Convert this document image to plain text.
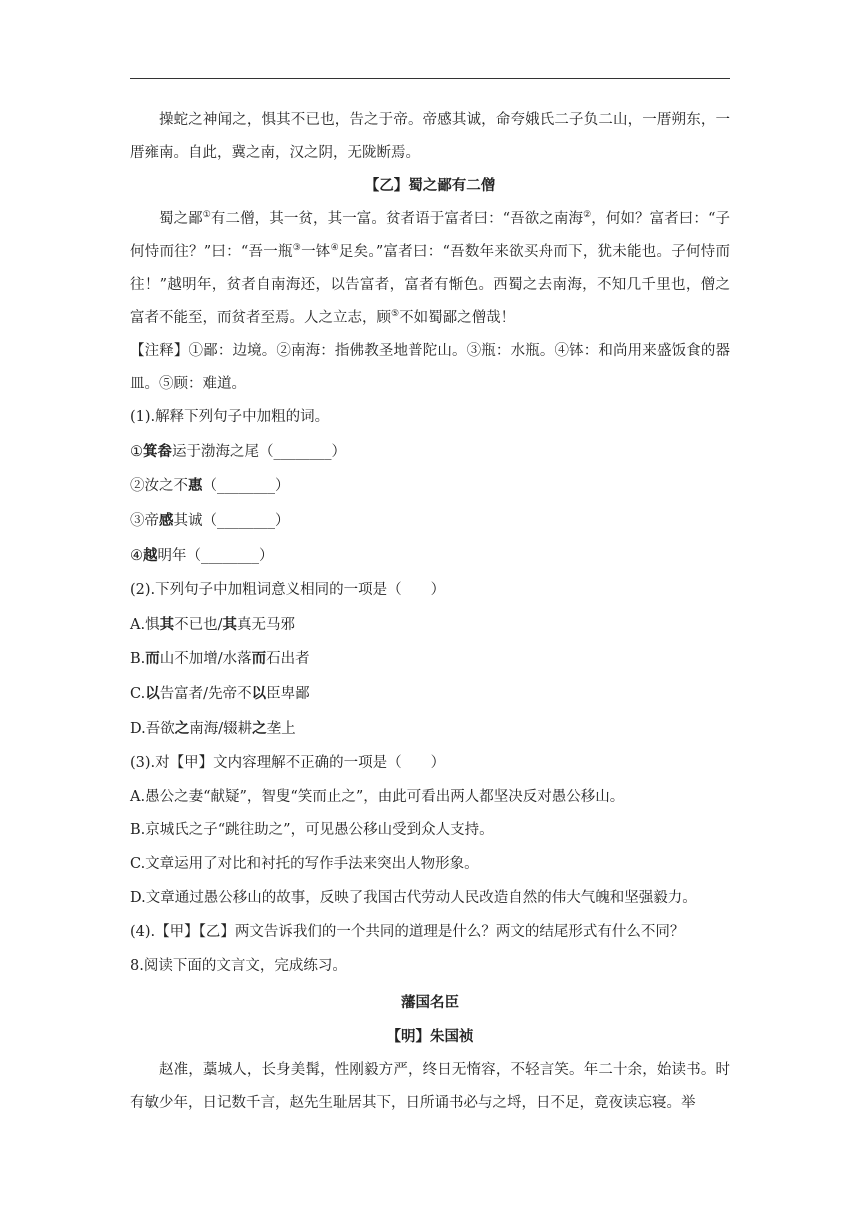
操蛇之神闻之，惧其不已也，告之于帝。帝感其诚，命夸娥氏二子负二山，一厝朔东，一厝雍南。自此，冀之南，汉之阴，无陇断焉。

【乙】蜀之鄙有二僧

蜀之鄙①有二僧，其一贫，其一富。贫者语于富者曰：“吾欲之南海②，何如？富者曰：“子何恃而往？”曰：“吾一瓶③一钵④足矣。”富者曰：“吾数年来欲买舟而下，犹未能也。子何恃而往！”越明年，贫者自南海还，以告富者，富者有惭色。西蜀之去南海，不知几千里也，僧之富者不能至，而贫者至焉。人之立志，顾⑤不如蜀鄙之僧哉！

【注释】①鄙：边境。②南海：指佛教圣地普陀山。③瓶：水瓶。④钵：和尚用来盛饭食的器皿。⑤顾：难道。

(1).解释下列句子中加粗的词。

①箕畚运于渤海之尾（________）

②汝之不惠（________）

③帝感其诚（________）

④越明年（________）

(2).下列句子中加粗词意义相同的一项是（　　）

A.惧其不已也/其真无马邪

B.而山不加增/水落而石出者

C.以告富者/先帝不以臣卑鄙

D.吾欲之南海/辍耕之垄上

(3).对【甲】文内容理解不正确的一项是（　　）

A.愚公之妻“献疑”，智叟“笑而止之”，由此可看出两人都坚决反对愚公移山。

B.京城氏之子“跳往助之”，可见愚公移山受到众人支持。

C.文章运用了对比和衬托的写作手法来突出人物形象。

D.文章通过愚公移山的故事，反映了我国古代劳动人民改造自然的伟大气魄和坚强毅力。

(4).【甲】【乙】两文告诉我们的一个共同的道理是什么？两文的结尾形式有什么不同？

8.阅读下面的文言文，完成练习。

藩国名臣

【明】朱国祯

赵准，藁城人，长身美髯，性刚毅方严，终日无惰容，不轻言笑。年二十余，始读书。时有敏少年，日记数千言，赵先生耻居其下，日所诵书必与之埒，日不足，竟夜读忘寝。举
